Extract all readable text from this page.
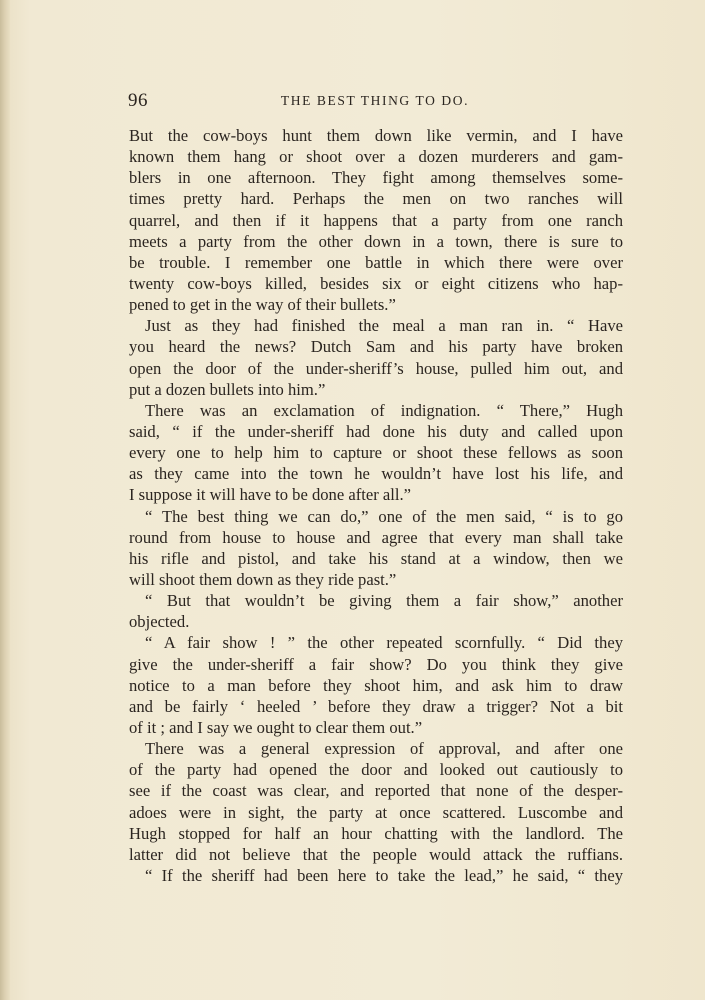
96	THE BEST THING TO DO.
But the cow-boys hunt them down like vermin, and I have
known them hang or shoot over a dozen murderers and gam-
blers in one afternoon. They fight among themselves some-
times pretty hard. Perhaps the men on two ranches will
quarrel, and then if it happens that a party from one ranch
meets a party from the other down in a town, there is sure to
be trouble. I remember one battle in which there were over
twenty cow-boys killed, besides six or eight citizens who hap-
pened to get in the way of their bullets.”
Just as they had finished the meal a man ran in. “ Have
you heard the news? Dutch Sam and his party have broken
open the door of the under-sheriff’s house, pulled him out, and
put a dozen bullets into him.”
There was an exclamation of indignation. “ There,” Hugh
said, “ if the under-sheriff had done his duty and called upon
every one to help him to capture or shoot these fellows as soon
as they came into the town he wouldn’t have lost his life, and
I suppose it will have to be done after all.”
“ The best thing we can do,” one of the men said, “ is to go
round from house to house and agree that every man shall take
his rifle and pistol, and take his stand at a window, then we
will shoot them down as they ride past.”
“ But that wouldn’t be giving them a fair show,” another
objected.
“ A fair show ! ” the other repeated scornfully. “ Did they
give the under-sheriff a fair show? Do you think they give
notice to a man before they shoot him, and ask him to draw
and be fairly ‘ heeled ’ before they draw a trigger? Not a bit
of it ; and I say we ought to clear them out.”
There was a general expression of approval, and after one
of the party had opened the door and looked out cautiously to
see if the coast was clear, and reported that none of the desper-
adoes were in sight, the party at once scattered. Luscombe and
Hugh stopped for half an hour chatting with the landlord. The
latter did not believe that the people would attack the ruffians.
“ If the sheriff had been here to take the lead,” he said, “ they
